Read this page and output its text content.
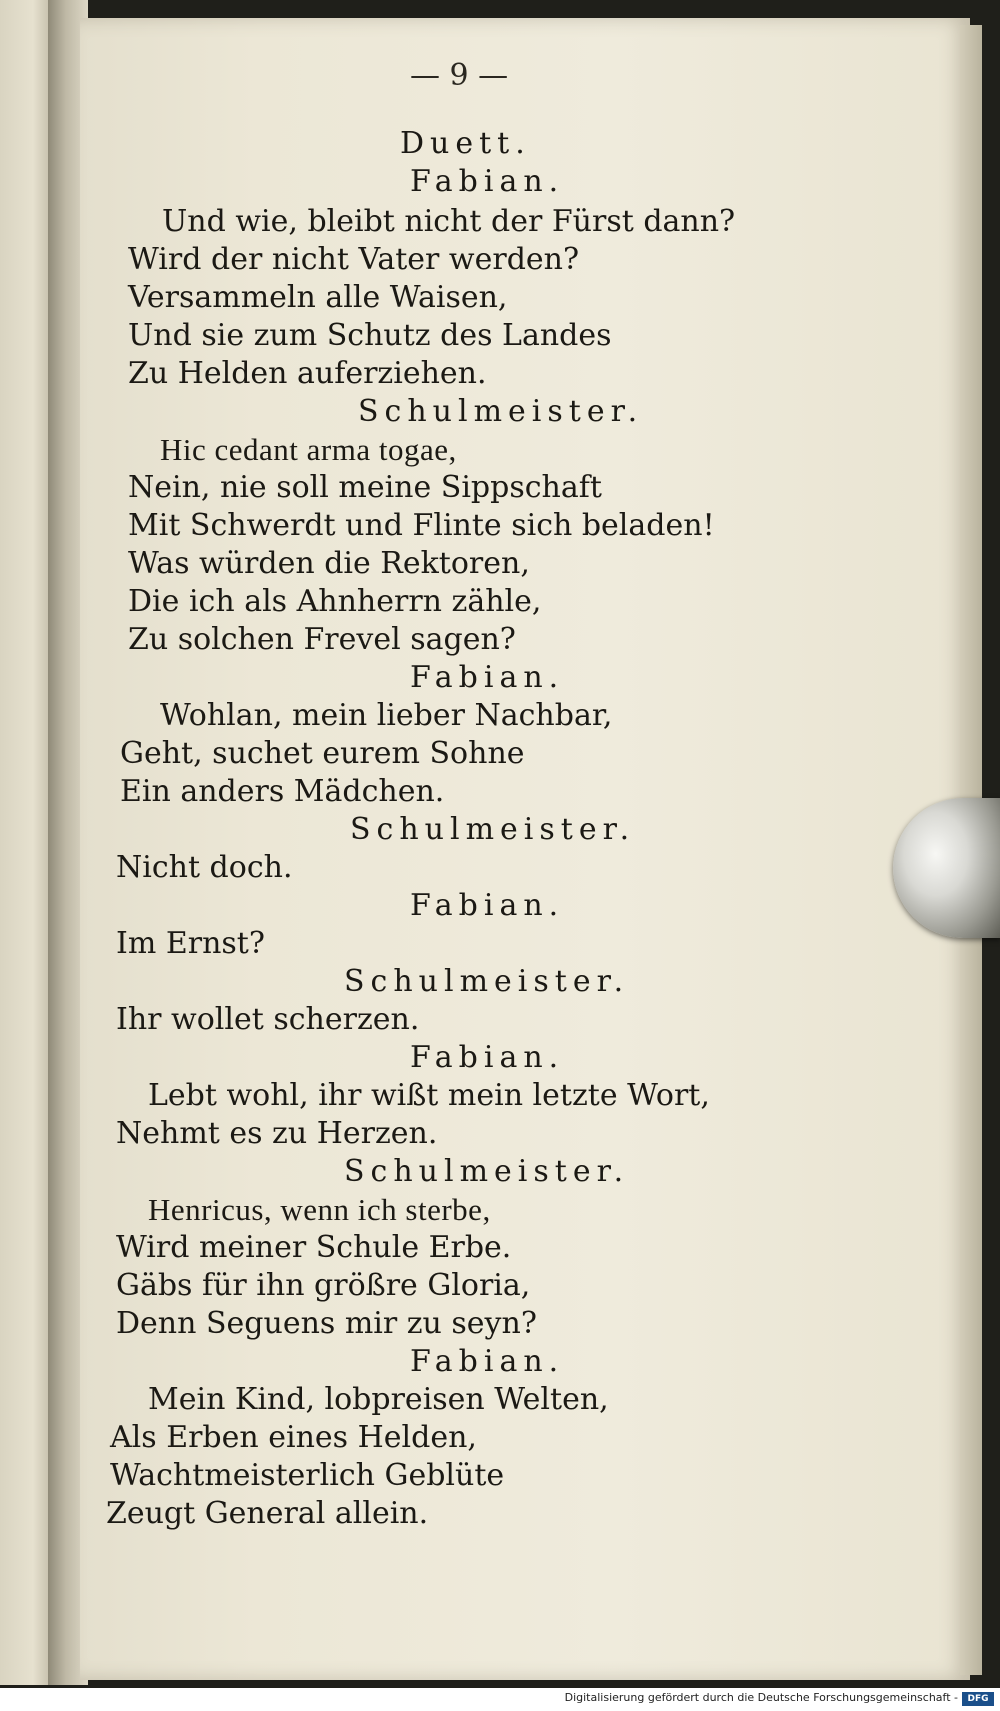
— 9 —
Duett.
Fabian.
Und wie, bleibt nicht der Fürst dann?
Wird der nicht Vater werden?
Versammeln alle Waisen,
Und sie zum Schutz des Landes
Zu Helden auferziehen.
Schulmeister.
Hic cedant arma togae,
Nein, nie soll meine Sippschaft
Mit Schwerdt und Flinte sich beladen!
Was würden die Rektoren,
Die ich als Ahnherrn zähle,
Zu solchen Frevel sagen?
Fabian.
Wohlan, mein lieber Nachbar,
Geht, suchet eurem Sohne
Ein anders Mädchen.
Schulmeister.
Nicht doch.
Fabian.
Im Ernst?
Schulmeister.
Ihr wollet scherzen.
Fabian.
Lebt wohl, ihr wißt mein letzte Wort,
Nehmt es zu Herzen.
Schulmeister.
Henricus, wenn ich sterbe,
Wird meiner Schule Erbe.
Gäbs für ihn größre Gloria,
Denn Seguens mir zu seyn?
Fabian.
Mein Kind, lobpreisen Welten,
Als Erben eines Helden,
Wachtmeisterlich Geblüte
Zeugt General allein.
Digitalisierung gefördert durch die Deutsche Forschungsgemeinschaft -	DFG
